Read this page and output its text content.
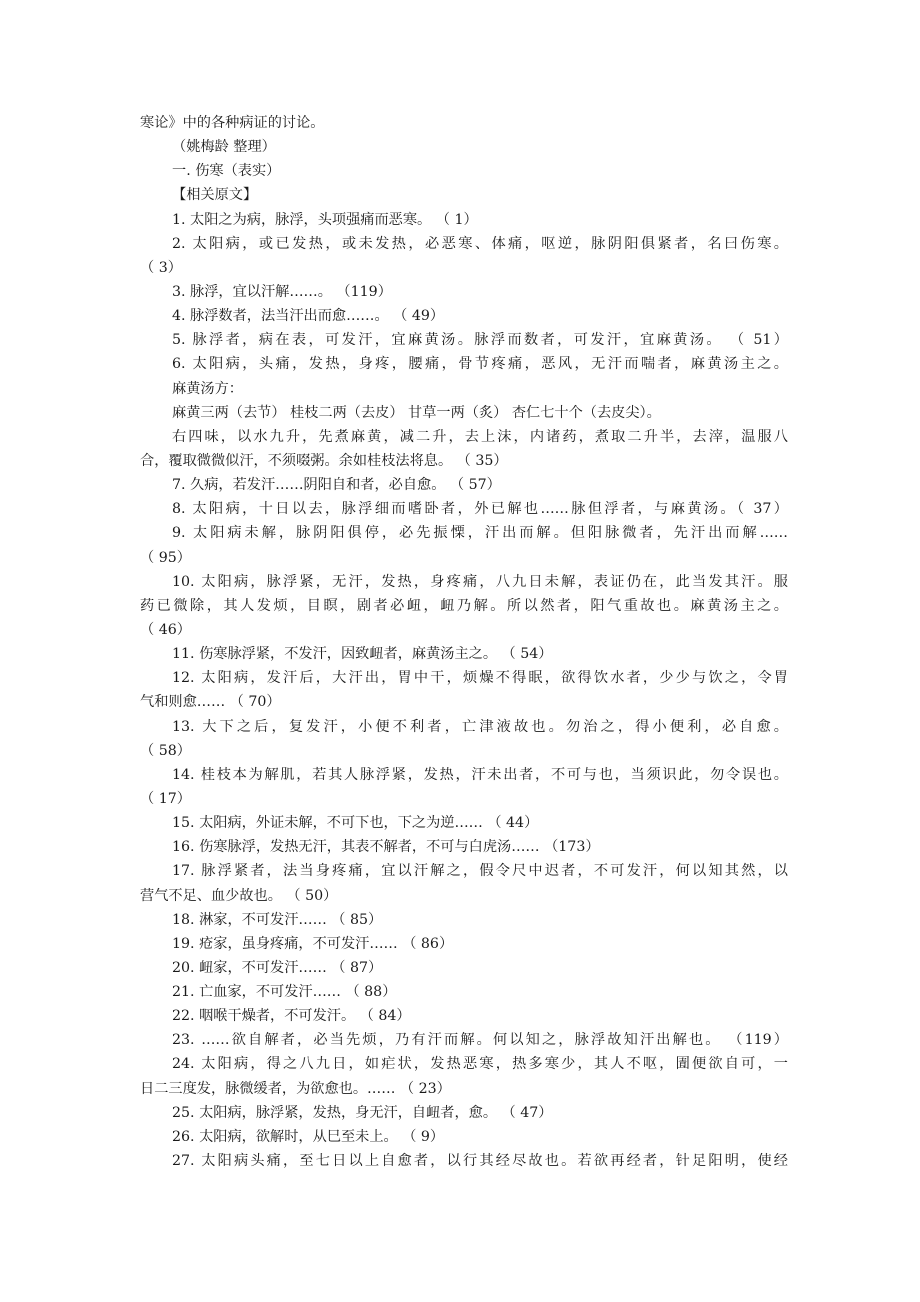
寒论》中的各种病证的讨论。
（姚梅龄 整理）
一. 伤寒（表实）
【相关原文】
1. 太阳之为病，脉浮，头项强痛而恶寒。 （ 1）
2. 太阳病，或已发热，或未发热，必恶寒、体痛，呕逆，脉阴阳俱紧者，名曰伤寒。
（ 3）
3. 脉浮，宜以汗解……。 （119）
4. 脉浮数者，法当汗出而愈……。 （ 49）
5. 脉浮者，病在表，可发汗，宜麻黄汤。脉浮而数者，可发汗，宜麻黄汤。 （ 51）
6. 太阳病，头痛，发热，身疼，腰痛，骨节疼痛，恶风，无汗而喘者，麻黄汤主之。
麻黄汤方：
麻黄三两（去节） 桂枝二两（去皮） 甘草一两（炙） 杏仁七十个（去皮尖）。
右四味，以水九升，先煮麻黄，减二升，去上沫，内诸药，煮取二升半，去滓，温服八
合，覆取微微似汗，不须啜粥。余如桂枝法将息。 （ 35）
7. 久病，若发汗……阴阳自和者，必自愈。 （ 57）
8. 太阳病，十日以去，脉浮细而嗜卧者，外已解也……脉但浮者，与麻黄汤。（ 37）
9. 太阳病未解，脉阴阳俱停，必先振慄，汗出而解。但阳脉微者，先汗出而解……
（ 95）
10. 太阳病，脉浮紧，无汗，发热，身疼痛，八九日未解，表证仍在，此当发其汗。服
药已微除，其人发烦，目瞑，剧者必衄，衄乃解。所以然者，阳气重故也。麻黄汤主之。
（ 46）
11. 伤寒脉浮紧，不发汗，因致衄者，麻黄汤主之。 （ 54）
12. 太阳病，发汗后，大汗出，胃中干，烦燥不得眠，欲得饮水者，少少与饮之，令胃
气和则愈…… （ 70）
13. 大下之后，复发汗，小便不利者，亡津液故也。勿治之，得小便利，必自愈。
（ 58）
14. 桂枝本为解肌，若其人脉浮紧，发热，汗未出者，不可与也，当须识此，勿令误也。
（ 17）
15. 太阳病，外证未解，不可下也，下之为逆…… （ 44）
16. 伤寒脉浮，发热无汗，其表不解者，不可与白虎汤…… （173）
17. 脉浮紧者，法当身疼痛，宜以汗解之，假令尺中迟者，不可发汗，何以知其然，以
营气不足、血少故也。 （ 50）
18. 淋家，不可发汗…… （ 85）
19. 疮家，虽身疼痛，不可发汗…… （ 86）
20. 衄家，不可发汗…… （ 87）
21. 亡血家，不可发汗…… （ 88）
22. 咽喉干燥者，不可发汗。 （ 84）
23. ……欲自解者，必当先烦，乃有汗而解。何以知之，脉浮故知汗出解也。 （119）
24. 太阳病，得之八九日，如疟状，发热恶寒，热多寒少，其人不呕，圊便欲自可，一
日二三度发，脉微缓者，为欲愈也。…… （ 23）
25. 太阳病，脉浮紧，发热，身无汗，自衄者，愈。 （ 47）
26. 太阳病，欲解时，从巳至未上。 （ 9）
27. 太阳病头痛，至七日以上自愈者，以行其经尽故也。若欲再经者，针足阳明，使经
